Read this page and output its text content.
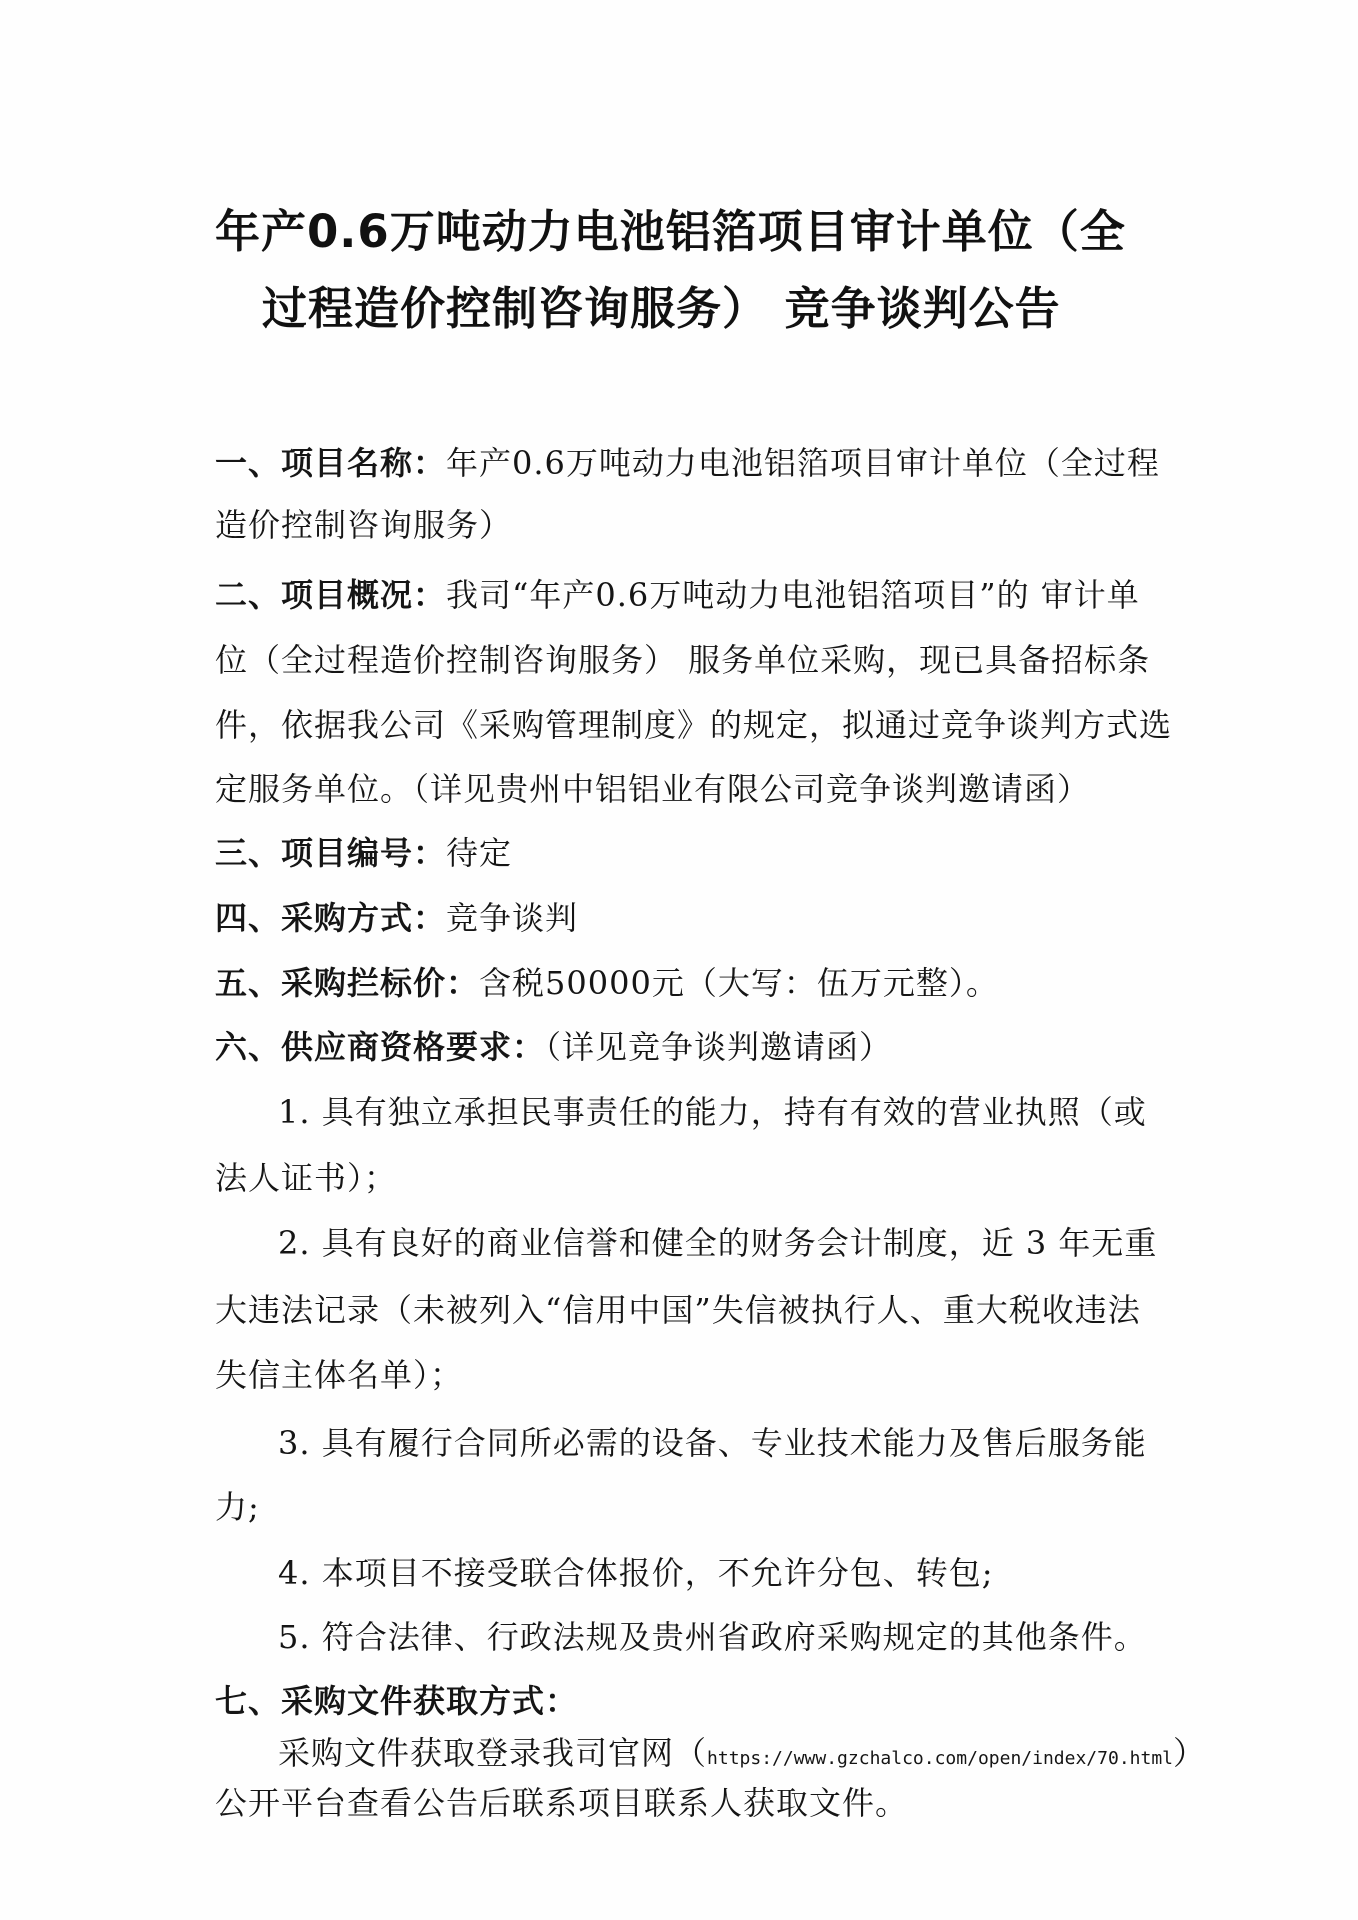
年产0.6万吨动力电池铝箔项目审计单位（全
过程造价控制咨询服务） 竞争谈判公告
一、项目名称：年产0.6万吨动力电池铝箔项目审计单位（全过程
造价控制咨询服务）
二、项目概况：我司“年产0.6万吨动力电池铝箔项目”的 审计单
位（全过程造价控制咨询服务） 服务单位采购，现已具备招标条
件，依据我公司《采购管理制度》的规定，拟通过竞争谈判方式选
定服务单位。（详见贵州中铝铝业有限公司竞争谈判邀请函）
三、项目编号：待定
四、采购方式：竞争谈判
五、采购拦标价：含税50000元（大写：伍万元整）。
六、供应商资格要求：（详见竞争谈判邀请函）
1. 具有独立承担民事责任的能力，持有有效的营业执照（或
法人证书）；
2. 具有良好的商业信誉和健全的财务会计制度，近 3 年无重
大违法记录（未被列入“信用中国”失信被执行人、重大税收违法
失信主体名单）；
3. 具有履行合同所必需的设备、专业技术能力及售后服务能
力;
4. 本项目不接受联合体报价，不允许分包、转包;
5. 符合法律、行政法规及贵州省政府采购规定的其他条件。
七、采购文件获取方式：
采购文件获取登录我司官网（https://www.gzchalco.com/open/index/70.html）
公开平台查看公告后联系项目联系人获取文件。
